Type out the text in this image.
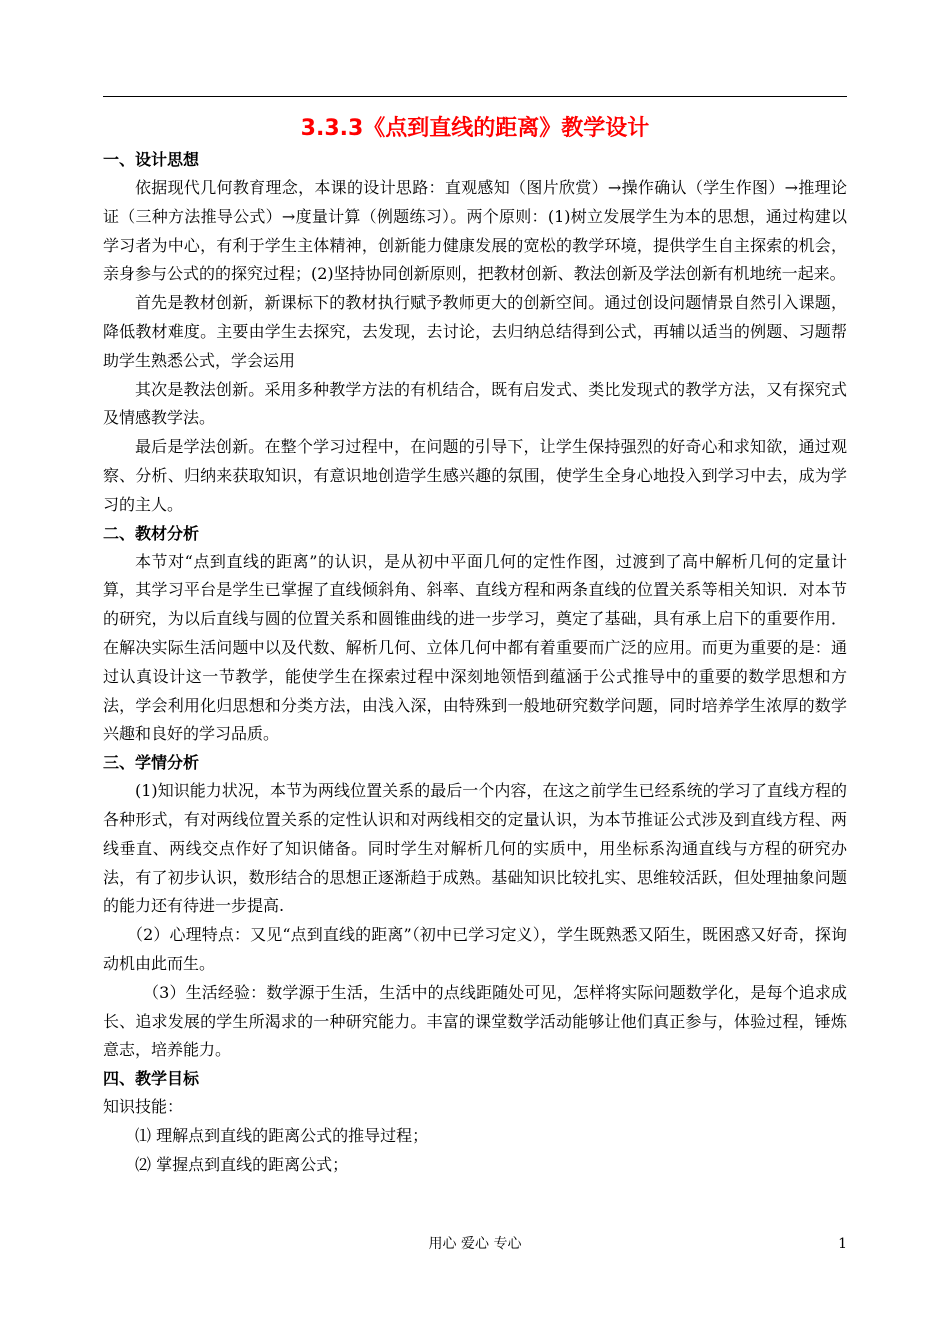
3.3.3《点到直线的距离》教学设计
一、设计思想

依据现代几何教育理念，本课的设计思路：直观感知（图片欣赏）→操作确认（学生作图）→推理论证（三种方法推导公式）→度量计算（例题练习）。两个原则：(1)树立发展学生为本的思想，通过构建以学习者为中心，有利于学生主体精神，创新能力健康发展的宽松的教学环境，提供学生自主探索的机会，亲身参与公式的的探究过程；(2)坚持协同创新原则，把教材创新、教法创新及学法创新有机地统一起来。

首先是教材创新，新课标下的教材执行赋予教师更大的创新空间。通过创设问题情景自然引入课题，降低教材难度。主要由学生去探究，去发现，去讨论，去归纳总结得到公式，再辅以适当的例题、习题帮助学生熟悉公式，学会运用

其次是教法创新。采用多种教学方法的有机结合，既有启发式、类比发现式的教学方法，又有探究式及情感教学法。

最后是学法创新。在整个学习过程中，在问题的引导下，让学生保持强烈的好奇心和求知欲，通过观察、分析、归纳来获取知识，有意识地创造学生感兴趣的氛围，使学生全身心地投入到学习中去，成为学习的主人。

二、教材分析

本节对“点到直线的距离”的认识，是从初中平面几何的定性作图，过渡到了高中解析几何的定量计算，其学习平台是学生已掌握了直线倾斜角、斜率、直线方程和两条直线的位置关系等相关知识．对本节的研究，为以后直线与圆的位置关系和圆锥曲线的进一步学习，奠定了基础，具有承上启下的重要作用．在解决实际生活问题中以及代数、解析几何、立体几何中都有着重要而广泛的应用。而更为重要的是：通过认真设计这一节教学，能使学生在探索过程中深刻地领悟到蕴涵于公式推导中的重要的数学思想和方法，学会利用化归思想和分类方法，由浅入深，由特殊到一般地研究数学问题，同时培养学生浓厚的数学兴趣和良好的学习品质。

三、学情分析

(1)知识能力状况，本节为两线位置关系的最后一个内容，在这之前学生已经系统的学习了直线方程的各种形式，有对两线位置关系的定性认识和对两线相交的定量认识，为本节推证公式涉及到直线方程、两线垂直、两线交点作好了知识储备。同时学生对解析几何的实质中，用坐标系沟通直线与方程的研究办法，有了初步认识，数形结合的思想正逐渐趋于成熟。基础知识比较扎实、思维较活跃，但处理抽象问题的能力还有待进一步提高.

（2）心理特点：又见“点到直线的距离”（初中已学习定义），学生既熟悉又陌生，既困惑又好奇，探询动机由此而生。

（3）生活经验：数学源于生活，生活中的点线距随处可见，怎样将实际问题数学化，是每个追求成长、追求发展的学生所渴求的一种研究能力。丰富的课堂数学活动能够让他们真正参与，体验过程，锤炼意志，培养能力。

四、教学目标

知识技能：

⑴ 理解点到直线的距离公式的推导过程；

⑵ 掌握点到直线的距离公式；

用心 爱心 专心	1
